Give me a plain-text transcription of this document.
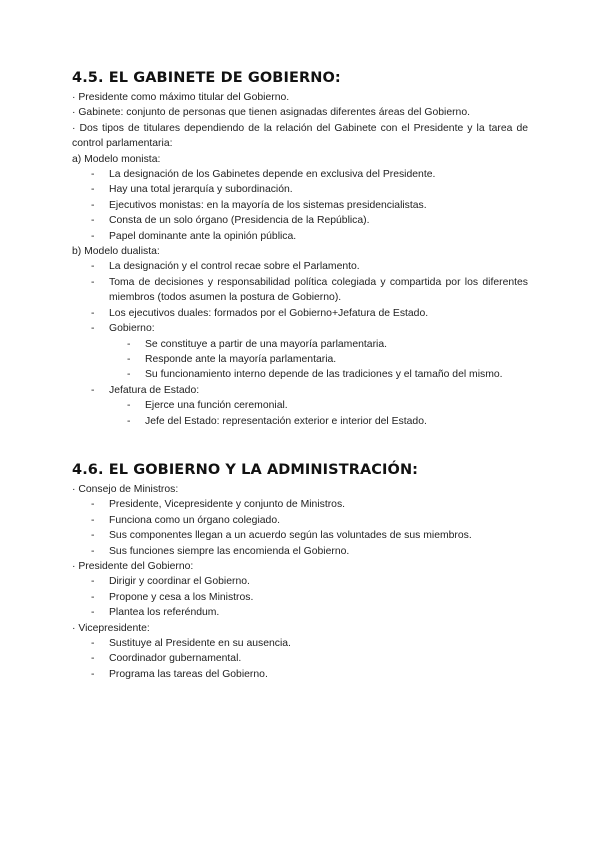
4.5. EL GABINETE DE GOBIERNO:
· Presidente como máximo titular del Gobierno.
· Gabinete: conjunto de personas que tienen asignadas diferentes áreas del Gobierno.
· Dos tipos de titulares dependiendo de la relación del Gabinete con el Presidente y la tarea de control parlamentaria:
a) Modelo monista:
- La designación de los Gabinetes depende en exclusiva del Presidente.
- Hay una total jerarquía y subordinación.
- Ejecutivos monistas: en la mayoría de los sistemas presidencialistas.
- Consta de un solo órgano (Presidencia de la República).
- Papel dominante ante la opinión pública.
b) Modelo dualista:
- La designación y el control recae sobre el Parlamento.
- Toma de decisiones y responsabilidad política colegiada y compartida por los diferentes miembros (todos asumen la postura de Gobierno).
- Los ejecutivos duales: formados por el Gobierno+Jefatura de Estado.
- Gobierno:
- Se constituye a partir de una mayoría parlamentaria.
- Responde ante la mayoría parlamentaria.
- Su funcionamiento interno depende de las tradiciones y el tamaño del mismo.
- Jefatura de Estado:
- Ejerce una función ceremonial.
- Jefe del Estado: representación exterior e interior del Estado.
4.6. EL GOBIERNO Y LA ADMINISTRACIÓN:
· Consejo de Ministros:
- Presidente, Vicepresidente y conjunto de Ministros.
- Funciona como un órgano colegiado.
- Sus componentes llegan a un acuerdo según las voluntades de sus miembros.
- Sus funciones siempre las encomienda el Gobierno.
· Presidente del Gobierno:
- Dirigir y coordinar el Gobierno.
- Propone y cesa a los Ministros.
- Plantea los referéndum.
· Vicepresidente:
- Sustituye al Presidente en su ausencia.
- Coordinador gubernamental.
- Programa las tareas del Gobierno.
